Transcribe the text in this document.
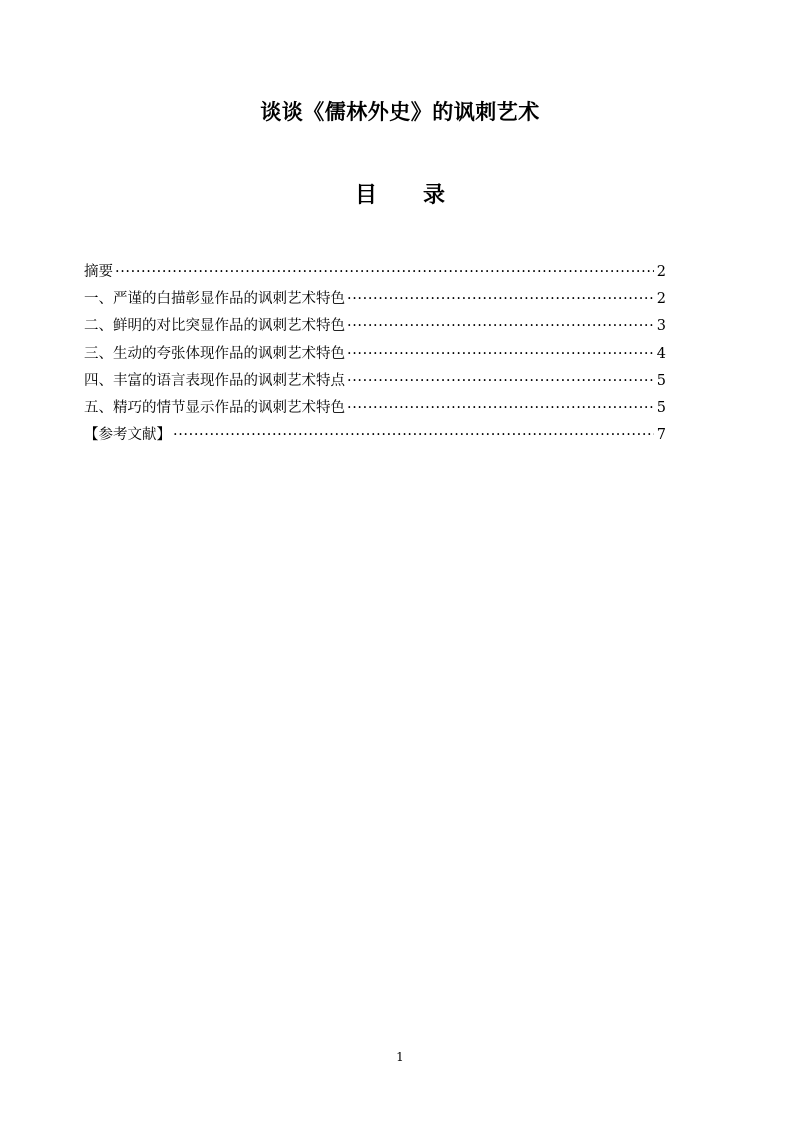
谈谈《儒林外史》的讽刺艺术
目 录
摘要 ·····	2
一、严谨的白描彰显作品的讽刺艺术特色 ·····	2
二、鲜明的对比突显作品的讽刺艺术特色 ·····	3
三、生动的夸张体现作品的讽刺艺术特色 ·····	4
四、丰富的语言表现作品的讽刺艺术特点 ·····	5
五、精巧的情节显示作品的讽刺艺术特色 ·····	5
【参考文献】 ·····	7

1
